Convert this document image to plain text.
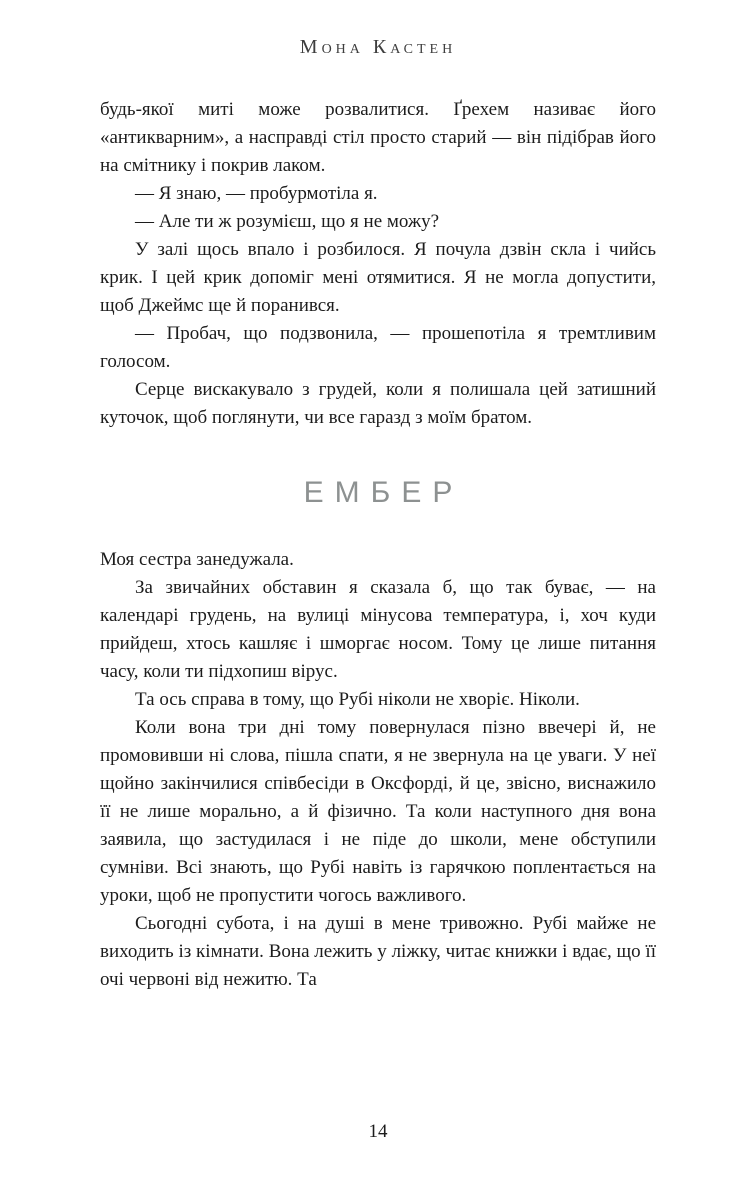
Мона Кастен

будь-якої миті може розвалитися. Ґрехем називає його «антикварним», а насправді стіл просто старий — він підібрав його на смітнику і покрив лаком.

— Я знаю, — пробурмотіла я.

— Але ти ж розумієш, що я не можу?

У залі щось впало і розбилося. Я почула дзвін скла і чийсь крик. І цей крик допоміг мені отямитися. Я не могла допустити, щоб Джеймс ще й поранився.

— Пробач, що подзвонила, — прошепотіла я тремтливим голосом.

Серце вискакувало з грудей, коли я полишала цей затишний куточок, щоб поглянути, чи все гаразд з моїм братом.

ЕМБЕР

Моя сестра занедужала.

За звичайних обставин я сказала б, що так буває, — на календарі грудень, на вулиці мінусова температура, і, хоч куди прийдеш, хтось кашляє і шморгає носом. Тому це лише питання часу, коли ти підхопиш вірус.

Та ось справа в тому, що Рубі ніколи не хворіє. Ніколи.

Коли вона три дні тому повернулася пізно ввечері й, не промовивши ні слова, пішла спати, я не звернула на це уваги. У неї щойно закінчилися співбесіди в Оксфорді, й це, звісно, виснажило її не лише морально, а й фізично. Та коли наступного дня вона заявила, що застудилася і не піде до школи, мене обступили сумніви. Всі знають, що Рубі навіть із гарячкою поплентається на уроки, щоб не пропустити чогось важливого.

Сьогодні субота, і на душі в мене тривожно. Рубі майже не виходить із кімнати. Вона лежить у ліжку, читає книжки і вдає, що її очі червоні від нежитю. Та

14
